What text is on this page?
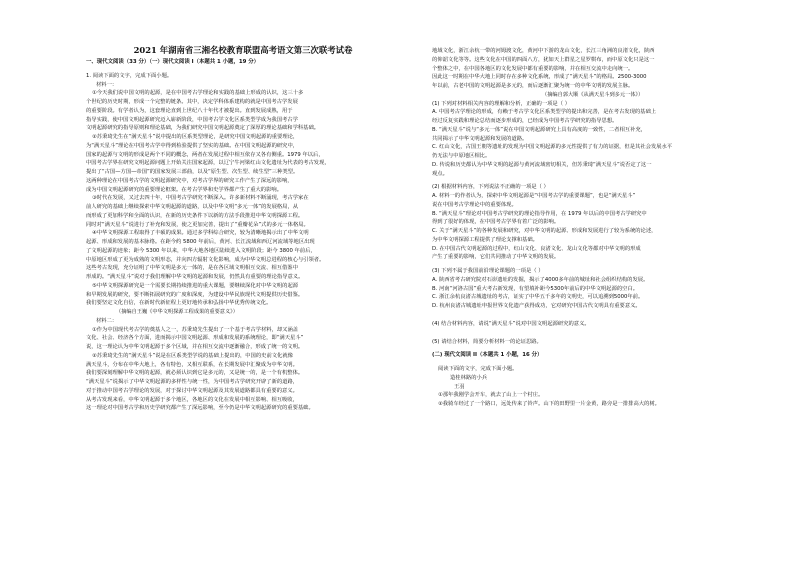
2021 年湖南省三湘名校教育联盟高考语文第三次联考试卷

一、现代文阅读（33 分）（一）现代文阅读 I（本题共 1 小题，19 分）

1. 阅读下面的文字，完成下面小题。

材料一：

①今天我们说中国文明的起源，是在中国考古学理论和实践的基础上形成的认识，这三十多

个世纪的历史时期，形成一个完整的链条。其中，决定学科体系建构的就是中国考古学发展

的重要阶段。有学者认为，这套理论直到上世纪八十年代才被提出。直到发展成熟，用于

指导实践，使中国文明起源研究迈入崭新阶段，中国考古学文化区系类型学成为我国考古学

文明起源研究的指导原则和理论基础，为我们研究中国文明起源奠定了深厚的理论基础和学科基础。

②苏秉琦先生在“满天星斗”说中提出的区系类型理论，是研究中国文明起源的重要理论，

为“满天星斗”理论在中国考古学中得到检验提供了坚实的基础。在中国文明起源的研究中，

国家的起源与文明的形成是两个不同的概念，两者在发展过程中相互依存又各有侧重。1979 年以后，

中国考古学界在研究文明起源问题上开始关注国家起源，以辽宁牛河梁红山文化遗址为代表的考古发现，

提出了“古国—方国—帝国”的国家发展三部曲，以及“原生型、次生型、续生型”三种类型。

这两种理论在中国考古学的文明起源研究中，对考古学界的研究工作产生了深远的影响，

成为中国文明起源研究的重要理论框架。在考古学界和史学界都产生了重大的影响。

③时代在发展，又过去四十年，中国考古学研究不断深入。许多新材料不断涌现，考古学家在

前人研究的基础上继续探索中华文明起源的道路，以及中华文明“多元一体”的发展格局，从

而形成了更加科学和全面的认识，在新的历史条件下以新的方法手段推进中华文明探源工程。

同时对“满天星斗”说进行了补充和发展，使之更加完善，提出了“重瓣花朵”式的多元一体格局。

④中华文明探源工程取得了丰硕的成果。通过多学科综合研究，较为清晰地揭示出了中华文明

起源、形成和发展的基本脉络。在距今约 5800 年前后，黄河、长江流域和西辽河流域等地区出现

了文明起源的迹象；距今 5300 年以来，中华大地各地区陆续进入文明阶段；距今 3800 年前后，

中原地区形成了更为成熟的文明形态，并向四方辐射文化影响，成为中华文明总进程的核心与引领者。

这些考古发现，充分证明了中华文明是多元一体的，是在各区域文明相互交流、相互借鉴中

形成的。“满天星斗”说对于我们理解中华文明的起源和发展，仍然具有重要的理论指导意义。

⑤中华文明探源研究是一个需要长期持续推进的重大课题，要继续深化对中华文明的起源

和早期发展的研究，要不断拓展研究的广度和深度，为建设中华民族现代文明提供历史借鉴。

我们要坚定文化自信，在新时代新征程上更好地传承和弘扬中华优秀传统文化。

（摘编自王巍《中华文明探源工程成果的重要意义》）

材料二：

①作为中国现代考古学的奠基人之一，苏秉琦先生提出了一个基于考古学材料，却又涵盖

文化、社会、经济各个方面，进而揭示中国文明起源、形成和发展的系统理论，即“满天星斗”

说，这一理论认为中华文明起源于多个区域，并在相互交流中逐渐融合，形成了统一的文明。

②苏秉琦先生的“满天星斗”说是在区系类型学说的基础上提出的，中国的史前文化就像

满天星斗，分布在中华大地上，各有特色，又相互联系，在长期发展中汇聚成为中华文明。

我们要深刻理解中华文明的起源，就必须认识到它是多元的，又是统一的，是一个有机整体。

“满天星斗”说揭示了中华文明起源的多样性与统一性，为中国考古学研究开辟了新的道路，

对于推动中国考古学理论的发展，对于探讨中华文明起源及其发展道路都具有重要的意义。

从考古发现来看，中华文明起源于多个地区，各地区的文化在发展中相互影响、相互吸收，

这一理论对中国考古学和历史学研究都产生了深远影响，至今仍是中华文明起源研究的重要基础。

地域文化，浙江余杭一带的河姆渡文化，黄河中下游的龙山文化，长江三角洲的良渚文化，陕西

的仰韶文化等等。这些文化在中国的四面八方，犹如天上群星之星罗棋布，而中原文化只是这一

个整体之中，在中国各地区的文化发展中都有重要的影响，并在相互交流中走向统一。

因此这一时期在中华大地上同时存在多种文化系统，形成了“满天星斗”的格局。2500-3000

年以前，古老中国的文明起源是多元的，而后逐渐汇聚为统一的中华文明的发展主脉。

（摘编自郭大顺《从满天星斗到多元一体》）

(1) 下列对材料相关内容的理解和分析，正确的一项是（ ）

A. 中国考古学理论的形成，有赖于考古学文化区系类型学的提出和完善，是在考古发现的基础上

经过反复实践和理论总结而逐步形成的，已经成为中国考古学研究的指导思想。

B. “满天星斗”说与“多元一体”说在中国文明起源研究上具有高度的一致性，二者相互补充，

共同揭示了中华文明起源和发展的道路。

C. 红山文化，古国王朝等遗址的发现为中国文明起源的多元性提供了有力的证据，但是其社会发展水平

仍无法与中原地区相比。

D. 传说和历史都认为中华文明的起源与黄河流域密切相关，但苏秉琦“满天星斗”说否定了这一

观点。

(2) 根据材料内容，下列说法不正确的一项是（ ）

A. 材料一的作者认为，探索中华文明起源是“中国考古学的重要课题”，也是“满天星斗”

说在中国考古学理论中的重要体现。

B. “满天星斗”理论对中国考古学研究的理论指导作用，在 1979 年以后的中国考古学研究中

得到了很好的体现，在中国考古学界有着广泛的影响。

C. 关于“满天星斗”的各种发展和研究，对中华文明的起源、形成和发展进行了较为系统的论述，

为中华文明探源工程提供了理论支撑和基础。

D. 在中国古代文明起源的过程中，红山文化、良渚文化、龙山文化等都对中华文明的形成

产生了重要的影响，它们共同推动了中华文明的发展。

(3) 下列不属于我国前沿理论课题的一项是（ ）

A. 陕西省考古研究院对石峁遗址的发掘，揭示了4000多年前的城址和社会组织结构的发展。

B. 河南“河洛古国”重大考古新发现，有望填补距今5300年前后的中华文明起源的空白。

C. 浙江余杭良渚古城遗址的考古，证实了中华五千多年的文明史，可以追溯到5000年前。

D. 杭州良渚古城遗址申报世界文化遗产获得成功，它对研究中国古代文明具有重要意义。

(4) 结合材料内容，请说“满天星斗”说对中国文明起源研究的意义。

(5) 请结合材料，简要分析材料一的论证思路。

(二) 现代文阅读 II（本题共 1 小题，16 分）

阅读下面的文字，完成下面小题。

造桂林路的小兵

王羽

①那年我刚学会开车，就去了山上一个村庄。

②我骑车经过了一个路口，远处传来了铃声。山下的田野里一片金黄，路旁是一排排高大的树。
